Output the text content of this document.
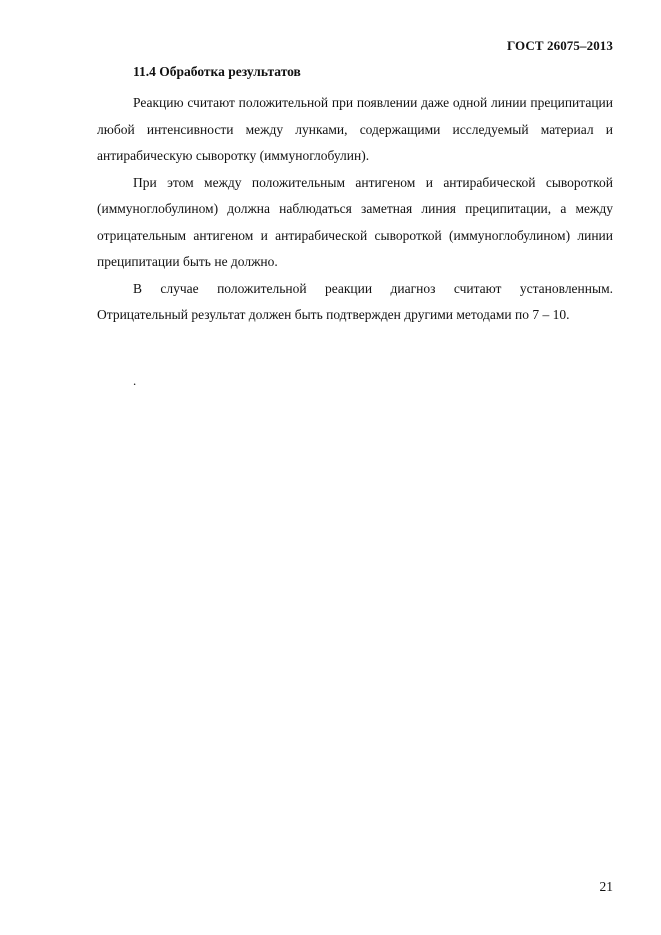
ГОСТ 26075–2013
11.4 Обработка результатов

Реакцию считают положительной при появлении даже одной линии преципитации любой интенсивности между лунками, содержащими исследуемый материал и антирабическую сыворотку (иммуноглобулин).

При этом между положительным антигеном и антирабической сывороткой (иммуноглобулином) должна наблюдаться заметная линия преципитации, а между отрицательным антигеном и антирабической сывороткой (иммуноглобулином) линии преципитации быть не должно.

В случае положительной реакции диагноз считают установленным. Отрицательный результат должен быть подтвержден другими методами по 7 – 10.

.
21
